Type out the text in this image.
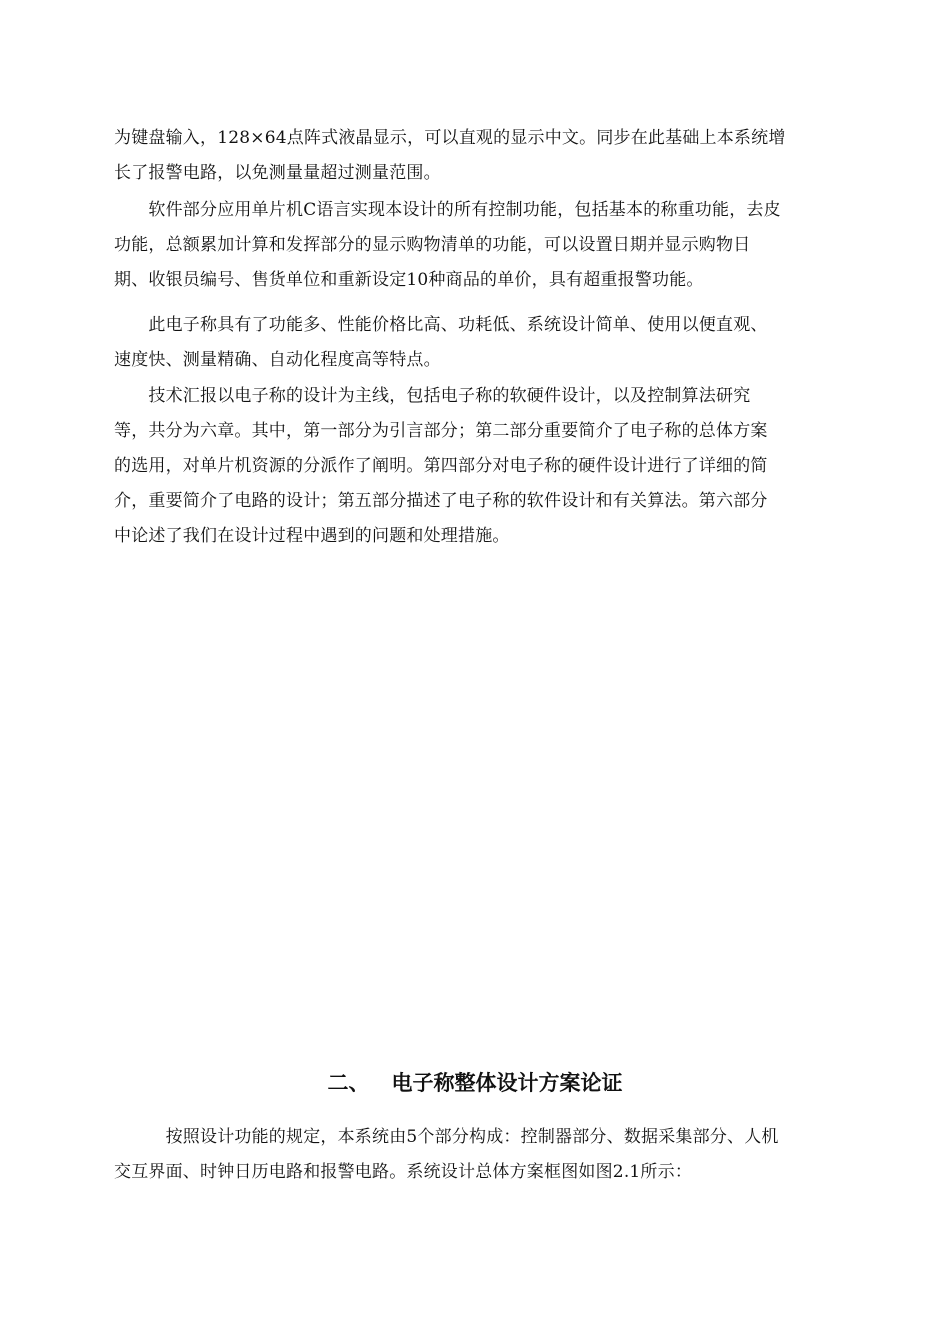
为键盘输入，128×64点阵式液晶显示，可以直观的显示中文。同步在此基础上本系统增
长了报警电路，以免测量量超过测量范围。

　　软件部分应用单片机C语言实现本设计的所有控制功能，包括基本的称重功能，去皮
功能，总额累加计算和发挥部分的显示购物清单的功能，可以设置日期并显示购物日
期、收银员编号、售货单位和重新设定10种商品的单价，具有超重报警功能。

　　此电子称具有了功能多、性能价格比高、功耗低、系统设计简单、使用以便直观、
速度快、测量精确、自动化程度高等特点。

　　技术汇报以电子称的设计为主线，包括电子称的软硬件设计，以及控制算法研究
等，共分为六章。其中，第一部分为引言部分；第二部分重要简介了电子称的总体方案
的选用，对单片机资源的分派作了阐明。第四部分对电子称的硬件设计进行了详细的简
介，重要简介了电路的设计；第五部分描述了电子称的软件设计和有关算法。第六部分
中论述了我们在设计过程中遇到的问题和处理措施。

二、 电子称整体设计方案论证

　　　按照设计功能的规定，本系统由5个部分构成：控制器部分、数据采集部分、人机
交互界面、时钟日历电路和报警电路。系统设计总体方案框图如图2.1所示：
